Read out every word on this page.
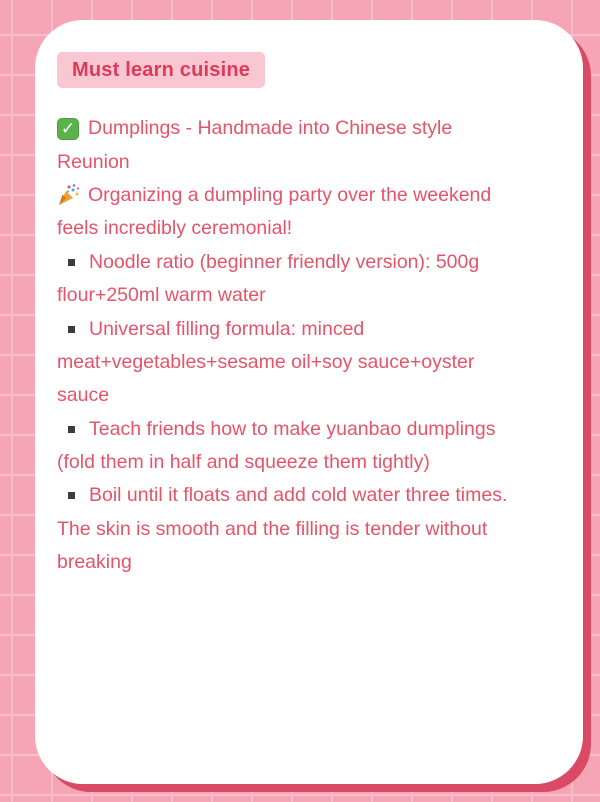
Must learn cuisine
✓
Dumplings - Handmade into Chinese style
Reunion
Organizing a dumpling party over the weekend
feels incredibly ceremonial!
Noodle ratio (beginner friendly version): 500g
flour+250ml warm water
Universal filling formula: minced
meat+vegetables+sesame oil+soy sauce+oyster
sauce
Teach friends how to make yuanbao dumplings
(fold them in half and squeeze them tightly)
Boil until it floats and add cold water three times.
The skin is smooth and the filling is tender without
breaking
